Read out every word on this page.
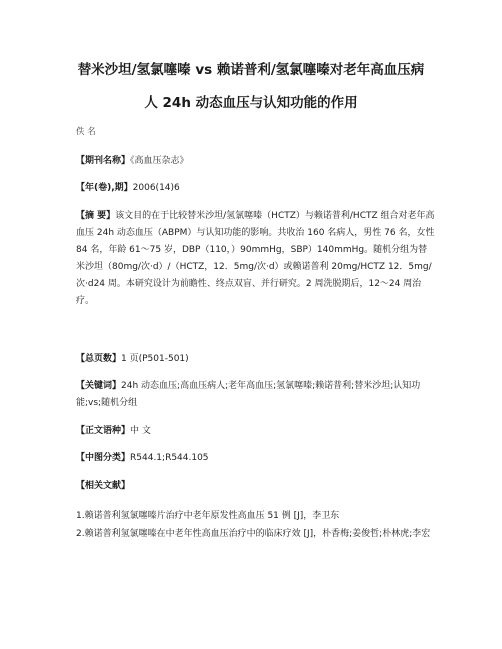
替米沙坦/氢氯噻嗪 vs 赖诺普利/氢氯噻嗪对老年高血压病
人 24h 动态血压与认知功能的作用
佚 名
【期刊名称】《高血压杂志》
【年(卷),期】2006(14)6
【摘 要】该文目的在于比较替米沙坦/氢氯噻嗪（HCTZ）与赖诺普利/HCTZ 组合对老年高血压 24h 动态血压（ABPM）与认知功能的影响。共收治 160 名病人，男性 76 名，女性 84 名，年龄 61～75 岁，DBP（110，）90mmHg，SBP）140mmHg。随机分组为替米沙坦（80mg/次·d）/（HCTZ，12．5mg/次·d）或赖诺普利 20mg/HCTZ 12．5mg/次·d24 周。本研究设计为前瞻性、终点双盲、并行研究。2 周洗脱期后，12～24 周治疗。
【总页数】1 页(P501-501)
【关键词】24h 动态血压;高血压病人;老年高血压;氢氯噻嗪;赖诺普利;替米沙坦;认知功能;vs;随机分组
【正文语种】中 文
【中图分类】R544.1;R544.105
【相关文献】
1.赖诺普利氢氯噻嗪片治疗中老年原发性高血压 51 例 [J]，李卫东
2.赖诺普利氢氯噻嗪在中老年性高血压治疗中的临床疗效 [J]，朴香梅;姜俊哲;朴林虎;李宏
